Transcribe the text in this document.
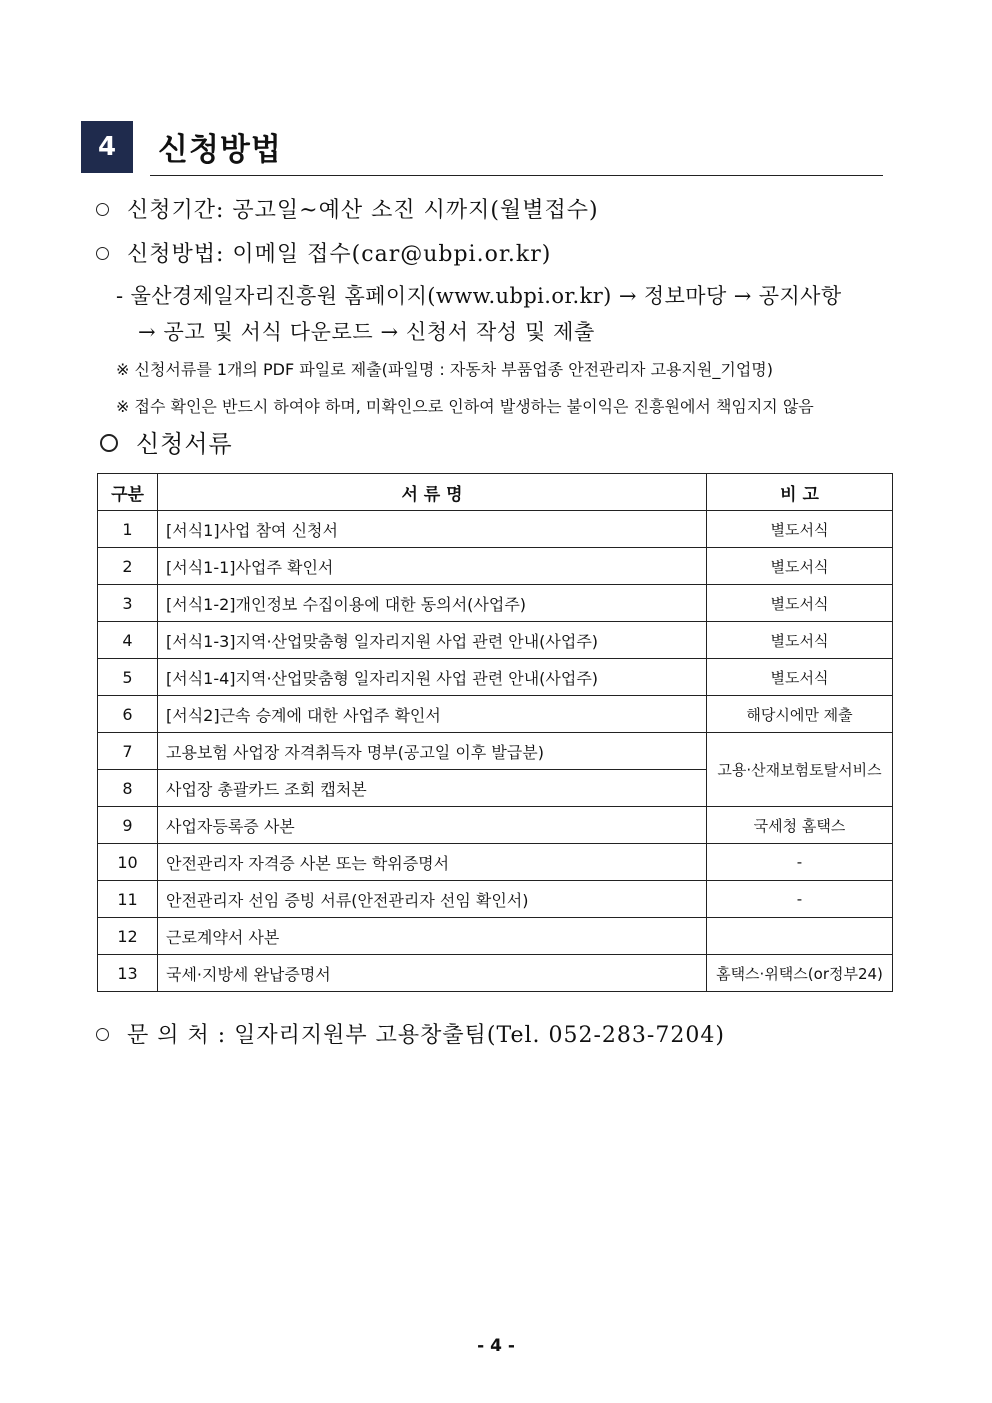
4	신청방법
신청기간: 공고일~예산 소진 시까지(월별접수)
신청방법: 이메일 접수(car@ubpi.or.kr)
- 울산경제일자리진흥원 홈페이지(www.ubpi.or.kr) → 정보마당 → 공지사항
→ 공고 및 서식 다운로드 → 신청서 작성 및 제출
※ 신청서류를 1개의 PDF 파일로 제출(파일명 : 자동차 부품업종 안전관리자 고용지원_기업명)
※ 접수 확인은 반드시 하여야 하며, 미확인으로 인하여 발생하는 불이익은 진흥원에서 책임지지 않음
신청서류
구분	서 류 명	비 고
1	[서식1]사업 참여 신청서	별도서식
2	[서식1-1]사업주 확인서	별도서식
3	[서식1-2]개인정보 수집이용에 대한 동의서(사업주)	별도서식
4	[서식1-3]지역·산업맞춤형 일자리지원 사업 관련 안내(사업주)	별도서식
5	[서식1-4]지역·산업맞춤형 일자리지원 사업 관련 안내(사업주)	별도서식
6	[서식2]근속 승계에 대한 사업주 확인서	해당시에만 제출
7	고용보험 사업장 자격취득자 명부(공고일 이후 발급분)	고용·산재보험토탈서비스
8	사업장 총괄카드 조회 캡처본	
9	사업자등록증 사본	국세청 홈택스
10	안전관리자 자격증 사본 또는 학위증명서	-
11	안전관리자 선임 증빙 서류(안전관리자 선임 확인서)	-
12	근로계약서 사본	
13	국세·지방세 완납증명서	홈택스·위택스(or정부24)
문 의 처 : 일자리지원부 고용창출팀(Tel. 052-283-7204)
- 4 -
